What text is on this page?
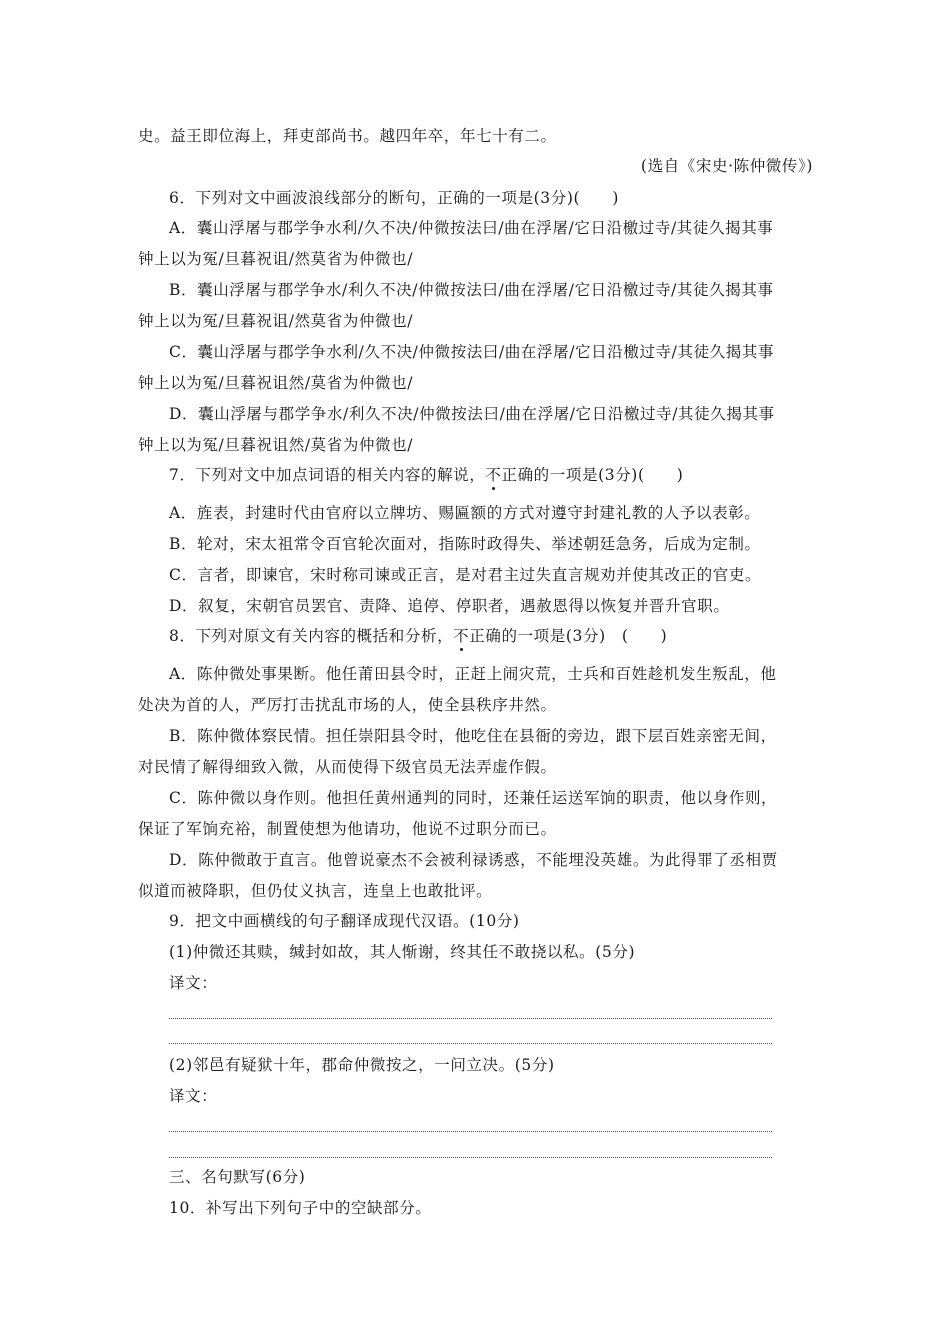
史。益王即位海上，拜吏部尚书。越四年卒，年七十有二。
(选自《宋史·陈仲微传》)
6．下列对文中画波浪线部分的断句，正确的一项是(3分)(　　)
A．囊山浮屠与郡学争水利/久不决/仲微按法曰/曲在浮屠/它日沿檄过寺/其徒久揭其事
钟上以为冤/旦暮祝诅/然莫省为仲微也/
B．囊山浮屠与郡学争水/利久不决/仲微按法曰/曲在浮屠/它日沿檄过寺/其徒久揭其事
钟上以为冤/旦暮祝诅/然莫省为仲微也/
C．囊山浮屠与郡学争水利/久不决/仲微按法曰/曲在浮屠/它日沿檄过寺/其徒久揭其事
钟上以为冤/旦暮祝诅然/莫省为仲微也/
D．囊山浮屠与郡学争水/利久不决/仲微按法曰/曲在浮屠/它日沿檄过寺/其徒久揭其事
钟上以为冤/旦暮祝诅然/莫省为仲微也/
7．下列对文中加点词语的相关内容的解说，不正确的一项是(3分)(　　)
A．旌表，封建时代由官府以立牌坊、赐匾额的方式对遵守封建礼教的人予以表彰。
B．轮对，宋太祖常令百官轮次面对，指陈时政得失、举述朝廷急务，后成为定制。
C．言者，即谏官，宋时称司谏或正言，是对君主过失直言规劝并使其改正的官吏。
D．叙复，宋朝官员罢官、责降、追停、停职者，遇赦恩得以恢复并晋升官职。
8．下列对原文有关内容的概括和分析，不正确的一项是(3分)　(　　)
A．陈仲微处事果断。他任莆田县令时，正赶上闹灾荒，士兵和百姓趁机发生叛乱，他
处决为首的人，严厉打击扰乱市场的人，使全县秩序井然。
B．陈仲微体察民情。担任崇阳县令时，他吃住在县衙的旁边，跟下层百姓亲密无间，
对民情了解得细致入微，从而使得下级官员无法弄虚作假。
C．陈仲微以身作则。他担任黄州通判的同时，还兼任运送军饷的职责，他以身作则，
保证了军饷充裕，制置使想为他请功，他说不过职分而已。
D．陈仲微敢于直言。他曾说豪杰不会被利禄诱惑，不能埋没英雄。为此得罪了丞相贾
似道而被降职，但仍仗义执言，连皇上也敢批评。
9．把文中画横线的句子翻译成现代汉语。(10分)
(1)仲微还其赎，缄封如故，其人惭谢，终其任不敢挠以私。(5分)
译文：
(2)邻邑有疑狱十年，郡命仲微按之，一问立决。(5分)
译文：
三、名句默写(6分)
10．补写出下列句子中的空缺部分。
